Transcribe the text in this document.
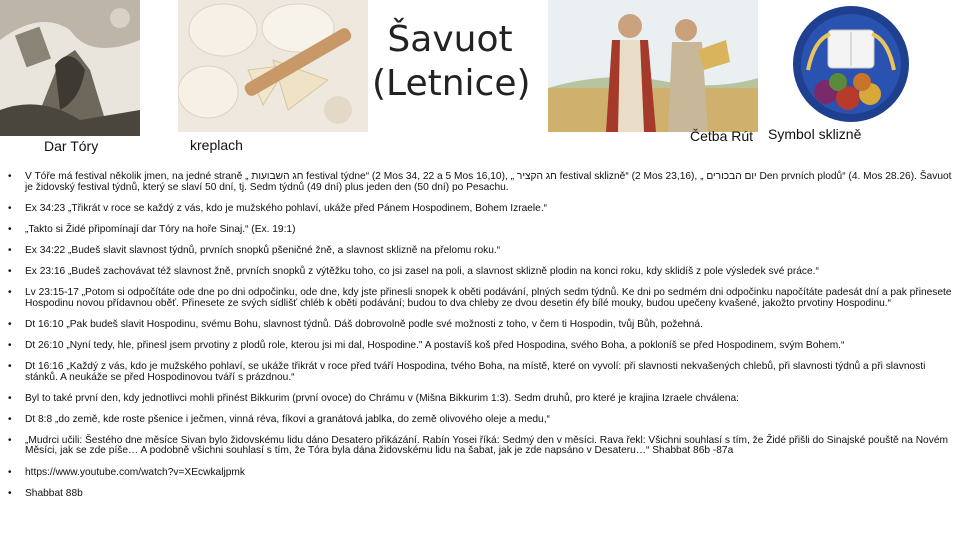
Dar Tóry	kreplach
Četba Rút Symbol sklizně
Šavuot (Letnice)
• V Tóře má festival několik jmen, na jedné straně „ חג השבועות festival týdne“ (2 Mos 34, 22 a 5 Mos 16,10), „ חג הקציר festival sklizně“ (2 Mos 23,16), „ יום הבכורים Den prvních plodů“ (4. Mos 28.26). Šavuot je židovský festival týdnů, který se slaví 50 dní, tj. Sedm týdnů (49 dní) plus jeden den (50 dní) po Pesachu.
• Ex 34:23 „Třikrát v roce se každý z vás, kdo je mužského pohlaví, ukáže před Pánem Hospodinem, Bohem Izraele.“
• „Takto si Židé připomínají dar Tóry na hoře Sinaj.“ (Ex. 19:1)
• Ex 34:22 „Budeš slavit slavnost týdnů, prvních snopků pšeničné žně, a slavnost sklizně na přelomu roku.“
• Ex 23:16 „Budeš zachovávat též slavnost žně, prvních snopků z výtěžku toho, co jsi zasel na poli, a slavnost sklizně plodin na konci roku, kdy sklidíš z pole výsledek své práce.“
• Lv 23:15-17 „Potom si odpočítáte ode dne po dni odpočinku, ode dne, kdy jste přinesli snopek k oběti podávání, plných sedm týdnů. Ke dni po sedmém dni odpočinku napočítáte padesát dní a pak přinesete Hospodinu novou přídavnou oběť. Přinesete ze svých sídlišť chléb k oběti podávání; budou to dva chleby ze dvou desetin éfy bílé mouky, budou upečeny kvašené, jakožto prvotiny Hospodinu.“
• Dt 16:10 „Pak budeš slavit Hospodinu, svému Bohu, slavnost týdnů. Dáš dobrovolně podle své možnosti z toho, v čem ti Hospodin, tvůj Bůh, požehná.
• Dt 26:10 „Nyní tedy, hle, přinesl jsem prvotiny z plodů role, kterou jsi mi dal, Hospodine." A postavíš koš před Hospodina, svého Boha, a pokloníš se před Hospodinem, svým Bohem.“
• Dt 16:16 „Každý z vás, kdo je mužského pohlaví, se ukáže třikrát v roce před tváří Hospodina, tvého Boha, na místě, které on vyvolí: při slavnosti nekvašených chlebů, při slavnosti týdnů a při slavnosti stánků. A neukáže se před Hospodinovou tváří s prázdnou.“
• Byl to také první den, kdy jednotlivci mohli přinést Bikkurim (první ovoce) do Chrámu v (Mišna Bikkurim 1:3). Sedm druhů, pro které je krajina Izraele chválena:
• Dt 8:8 „do země, kde roste pšenice i ječmen, vinná réva, fíkovi a granátová jablka, do země olivového oleje a medu,“
• „Mudrci učili: Šestého dne měsíce Sivan bylo židovskému lidu dáno Desatero přikázání. Rabín Yosei říká: Sedmý den v měsíci. Rava řekl: Všichni souhlasí s tím, že Židé přišli do Sinajské pouště na Novém Měsíci, jak se zde píše… A podobně všichni souhlasí s tím, že Tóra byla dána židovskému lidu na šabat, jak je zde napsáno v Desateru…“ Shabbat 86b -87a
• https://www.youtube.com/watch?v=XEcwkaljpmk
• Shabbat 88b
